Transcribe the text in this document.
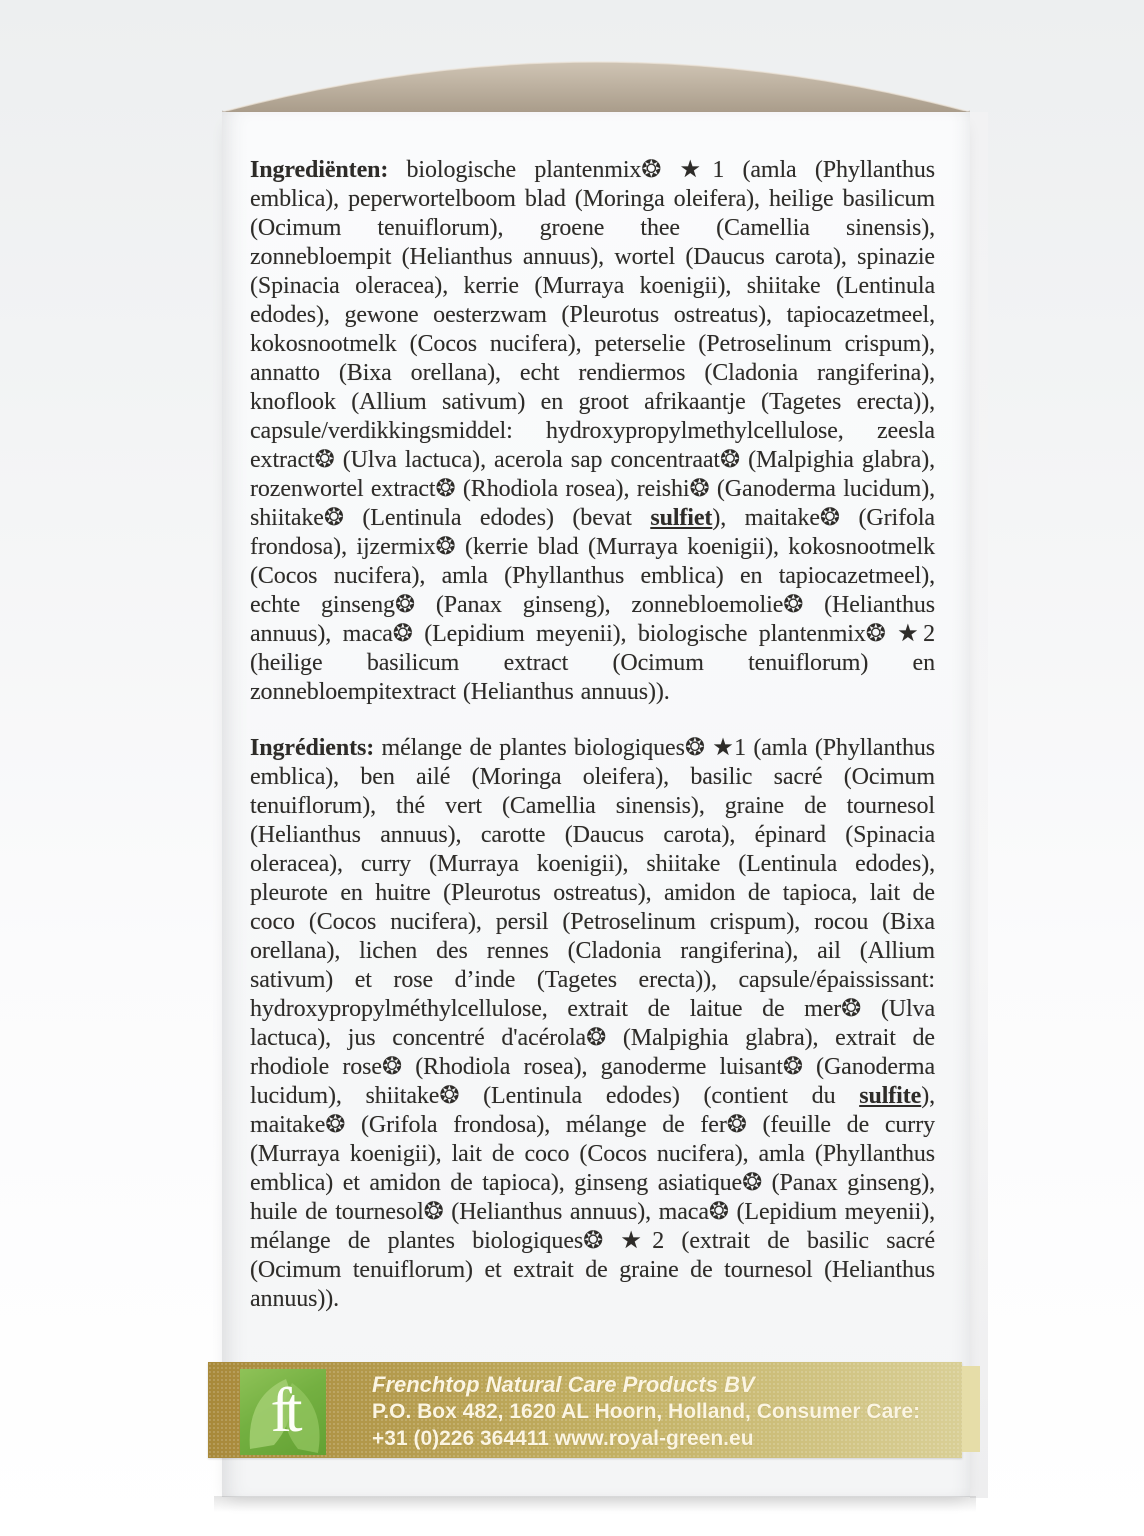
Ingrediënten: biologische plantenmix❂ ★1 (amla (Phyllanthus emblica), peperwortelboom blad (Moringa oleifera), heilige basilicum (Ocimum tenuiflorum), groene thee (Camellia sinensis), zonnebloempit (Helianthus annuus), wortel (Daucus carota), spinazie (Spinacia oleracea), kerrie (Murraya koenigii), shiitake (Lentinula edodes), gewone oesterzwam (Pleurotus ostreatus), tapiocazetmeel, kokosnootmelk (Cocos nucifera), peterselie (Petroselinum crispum), annatto (Bixa orellana), echt rendiermos (Cladonia rangiferina), knoflook (Allium sativum) en groot afrikaantje (Tagetes erecta)), capsule/verdikkingsmiddel: hydroxypropylmethylcellulose, zeesla extract❂ (Ulva lactuca), acerola sap concentraat❂ (Malpighia glabra), rozenwortel extract❂ (Rhodiola rosea), reishi❂ (Ganoderma lucidum), shiitake❂ (Lentinula edodes) (bevat sulfiet), maitake❂ (Grifola frondosa), ijzermix❂ (kerrie blad (Murraya koenigii), kokosnootmelk (Cocos nucifera), amla (Phyllanthus emblica) en tapiocazetmeel), echte ginseng❂ (Panax ginseng), zonnebloemolie❂ (Helianthus annuus), maca❂ (Lepidium meyenii), biologische plantenmix❂ ★2 (heilige basilicum extract (Ocimum tenuiflorum) en zonnebloempitextract (Helianthus annuus)).

Ingrédients: mélange de plantes biologiques❂ ★1 (amla (Phyllanthus emblica), ben ailé (Moringa oleifera), basilic sacré (Ocimum tenuiflorum), thé vert (Camellia sinensis), graine de tournesol (Helianthus annuus), carotte (Daucus carota), épinard (Spinacia oleracea), curry (Murraya koenigii), shiitake (Lentinula edodes), pleurote en huitre (Pleurotus ostreatus), amidon de tapioca, lait de coco (Cocos nucifera), persil (Petroselinum crispum), rocou (Bixa orellana), lichen des rennes (Cladonia rangiferina), ail (Allium sativum) et rose d’inde (Tagetes erecta)), capsule/épaississant: hydroxypropylméthylcellulose, extrait de laitue de mer❂ (Ulva lactuca), jus concentré d'acérola❂ (Malpighia glabra), extrait de rhodiole rose❂ (Rhodiola rosea), ganoderme luisant❂ (Ganoderma lucidum), shiitake❂ (Lentinula edodes) (contient du sulfite), maitake❂ (Grifola frondosa), mélange de fer❂ (feuille de curry (Murraya koenigii), lait de coco (Cocos nucifera), amla (Phyllanthus emblica) et amidon de tapioca), ginseng asiatique❂ (Panax ginseng), huile de tournesol❂ (Helianthus annuus), maca❂ (Lepidium meyenii), mélange de plantes biologiques❂ ★2 (extrait de basilic sacré (Ocimum tenuiflorum) et extrait de graine de tournesol (Helianthus annuus)).

ft	Frenchtop Natural Care Products BV
P.O. Box 482, 1620 AL Hoorn, Holland, Consumer Care:
+31 (0)226 364411 www.royal-green.eu
